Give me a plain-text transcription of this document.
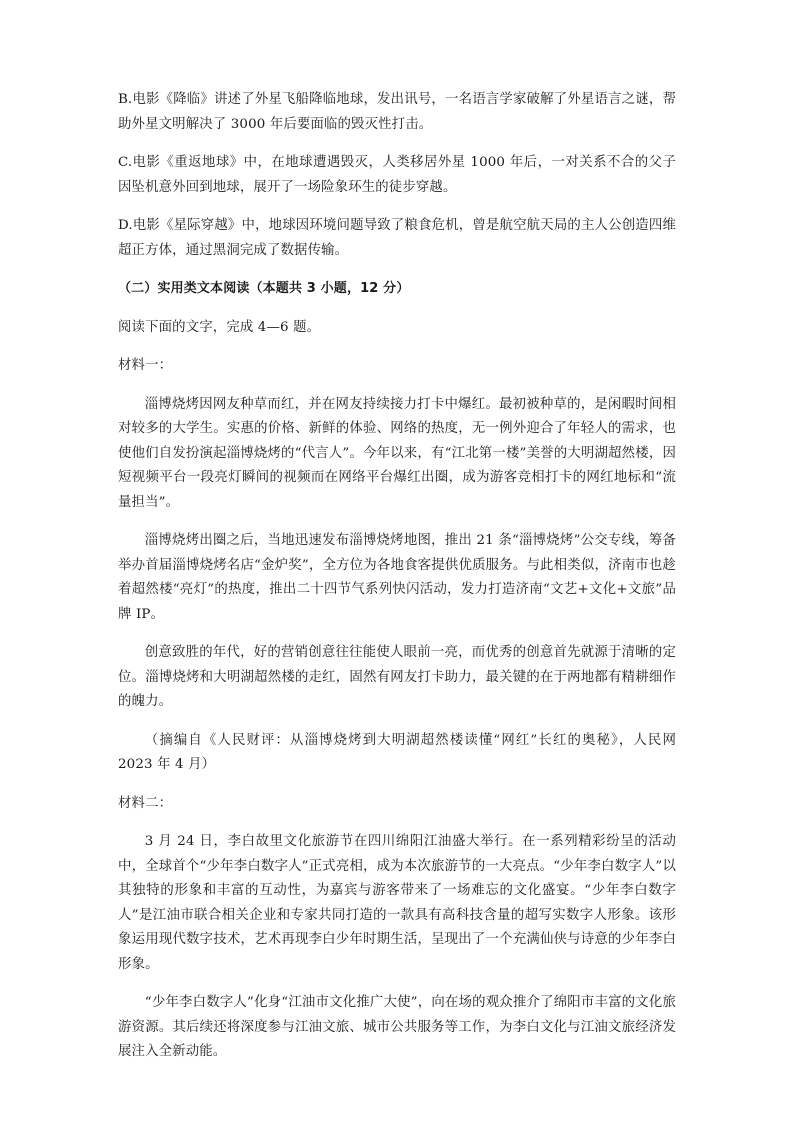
B.电影《降临》讲述了外星飞船降临地球，发出讯号，一名语言学家破解了外星语言之谜，帮助外星文明解决了 3000 年后要面临的毁灭性打击。

C.电影《重返地球》中，在地球遭遇毁灭，人类移居外星 1000 年后，一对关系不合的父子因坠机意外回到地球，展开了一场险象环生的徒步穿越。

D.电影《星际穿越》中，地球因环境问题导致了粮食危机，曾是航空航天局的主人公创造四维超正方体，通过黑洞完成了数据传输。

（二）实用类文本阅读（本题共 3 小题，12 分）

阅读下面的文字，完成 4—6 题。

材料一：

淄博烧烤因网友种草而红，并在网友持续接力打卡中爆红。最初被种草的，是闲暇时间相对较多的大学生。实惠的价格、新鲜的体验、网络的热度，无一例外迎合了年轻人的需求，也使他们自发扮演起淄博烧烤的“代言人”。今年以来，有“江北第一楼”美誉的大明湖超然楼，因短视频平台一段亮灯瞬间的视频而在网络平台爆红出圈，成为游客竞相打卡的网红地标和“流量担当”。

淄博烧烤出圈之后，当地迅速发布淄博烧烤地图，推出 21 条“淄博烧烤”公交专线，筹备举办首届淄博烧烤名店“金炉奖”，全方位为各地食客提供优质服务。与此相类似，济南市也趁着超然楼“亮灯”的热度，推出二十四节气系列快闪活动，发力打造济南“文艺+文化+文旅”品牌 IP。

创意致胜的年代，好的营销创意往往能使人眼前一亮，而优秀的创意首先就源于清晰的定位。淄博烧烤和大明湖超然楼的走红，固然有网友打卡助力，最关键的在于两地都有精耕细作的魄力。

（摘编自《人民财评：从淄博烧烤到大明湖超然楼读懂“网红”长红的奥秘》，人民网 2023 年 4 月）

材料二：

3 月 24 日，李白故里文化旅游节在四川绵阳江油盛大举行。在一系列精彩纷呈的活动中，全球首个“少年李白数字人”正式亮相，成为本次旅游节的一大亮点。“少年李白数字人”以其独特的形象和丰富的互动性，为嘉宾与游客带来了一场难忘的文化盛宴。“少年李白数字人”是江油市联合相关企业和专家共同打造的一款具有高科技含量的超写实数字人形象。该形象运用现代数字技术，艺术再现李白少年时期生活，呈现出了一个充满仙侠与诗意的少年李白形象。

“少年李白数字人”化身“江油市文化推广大使”，向在场的观众推介了绵阳市丰富的文化旅游资源。其后续还将深度参与江油文旅、城市公共服务等工作，为李白文化与江油文旅经济发展注入全新动能。
